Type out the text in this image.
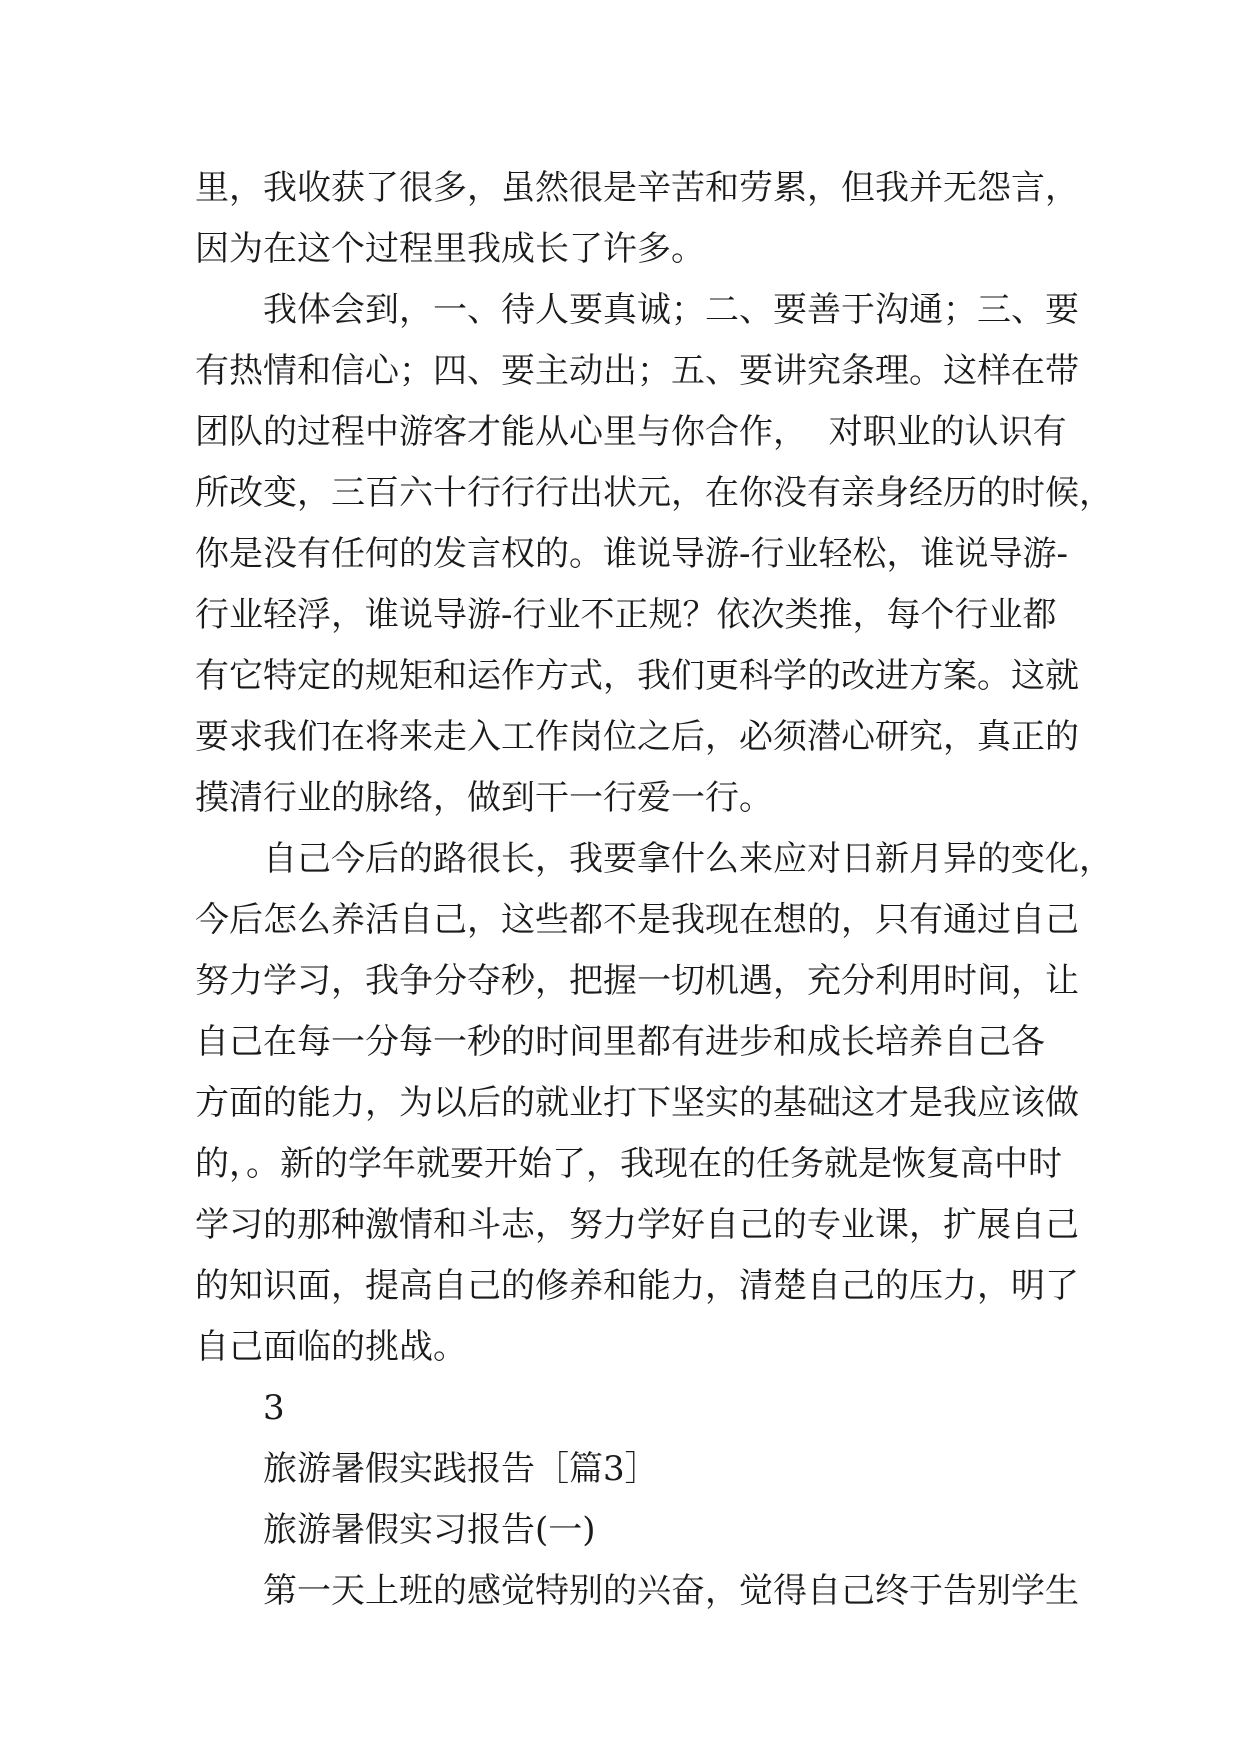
里，我收获了很多，虽然很是辛苦和劳累，但我并无怨言，
因为在这个过程里我成长了许多。
我体会到，一、待人要真诚；二、要善于沟通；三、要
有热情和信心；四、要主动出；五、要讲究条理。这样在带
团队的过程中游客才能从心里与你合作，  对职业的认识有
所改变，三百六十行行行出状元，在你没有亲身经历的时候，
你是没有任何的发言权的。谁说导游-行业轻松，谁说导游-
行业轻浮，谁说导游-行业不正规？依次类推，每个行业都
有它特定的规矩和运作方式，我们更科学的改进方案。这就
要求我们在将来走入工作岗位之后，必须潜心研究，真正的
摸清行业的脉络，做到干一行爱一行。
自己今后的路很长，我要拿什么来应对日新月异的变化，
今后怎么养活自己，这些都不是我现在想的，只有通过自己
努力学习，我争分夺秒，把握一切机遇，充分利用时间，让
自己在每一分每一秒的时间里都有进步和成长培养自己各
方面的能力，为以后的就业打下坚实的基础这才是我应该做
的，。新的学年就要开始了，我现在的任务就是恢复高中时
学习的那种激情和斗志，努力学好自己的专业课，扩展自己
的知识面，提高自己的修养和能力，清楚自己的压力，明了
自己面临的挑战。
3
旅游暑假实践报告［篇3］
旅游暑假实习报告(一)
第一天上班的感觉特别的兴奋，觉得自己终于告别学生
